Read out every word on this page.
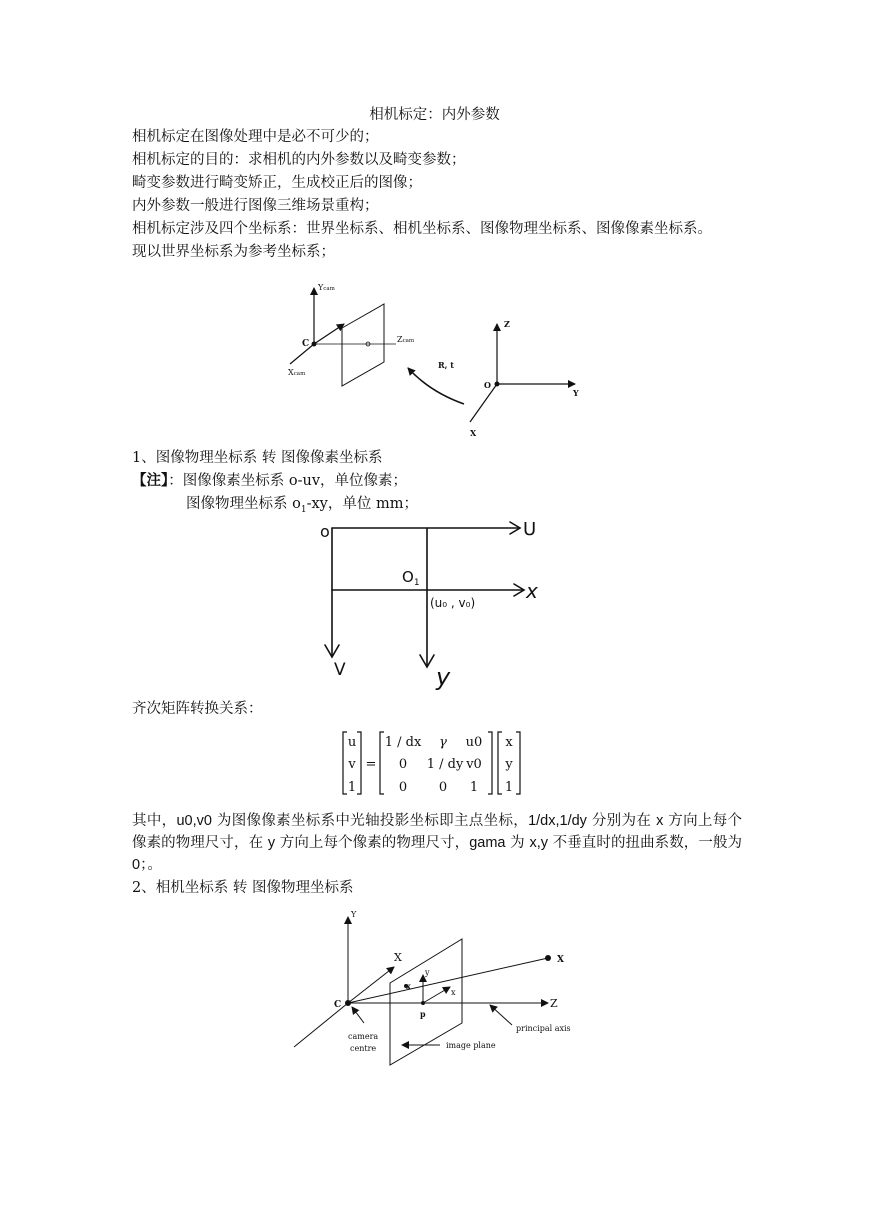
相机标定：内外参数
相机标定在图像处理中是必不可少的；
相机标定的目的：求相机的内外参数以及畸变参数；
畸变参数进行畸变矫正，生成校正后的图像；
内外参数一般进行图像三维场景重构；
相机标定涉及四个坐标系：世界坐标系、相机坐标系、图像物理坐标系、图像像素坐标系。
现以世界坐标系为参考坐标系；
Ycam
C
Xcam
Zcam
R, t
Z
O
Y
X
1、图像物理坐标系 转 图像像素坐标系
【注】：图像像素坐标系 o-uv，单位像素；
图像物理坐标系 $o_1-xy$，单位 mm；
o	U
$O_1$	x
(u₀ , v₀)
V	y
齐次矩阵转换关系：
u
v
1
=
1 / dx γ u0
0 1 / dy v0
0 0 1
x
y
1
其中，u0,v0 为图像像素坐标系中光轴投影坐标即主点坐标，1/dx,1/dy 分别为在 x 方向上每个像素的物理尺寸，在 y 方向上每个像素的物理尺寸，gama 为 x,y 不垂直时的扭曲系数，一般为 0；。
2、相机坐标系 转 图像物理坐标系
Y
X
C
y
x
x
p
Z
X
principal axis
camera
centre	image plane
